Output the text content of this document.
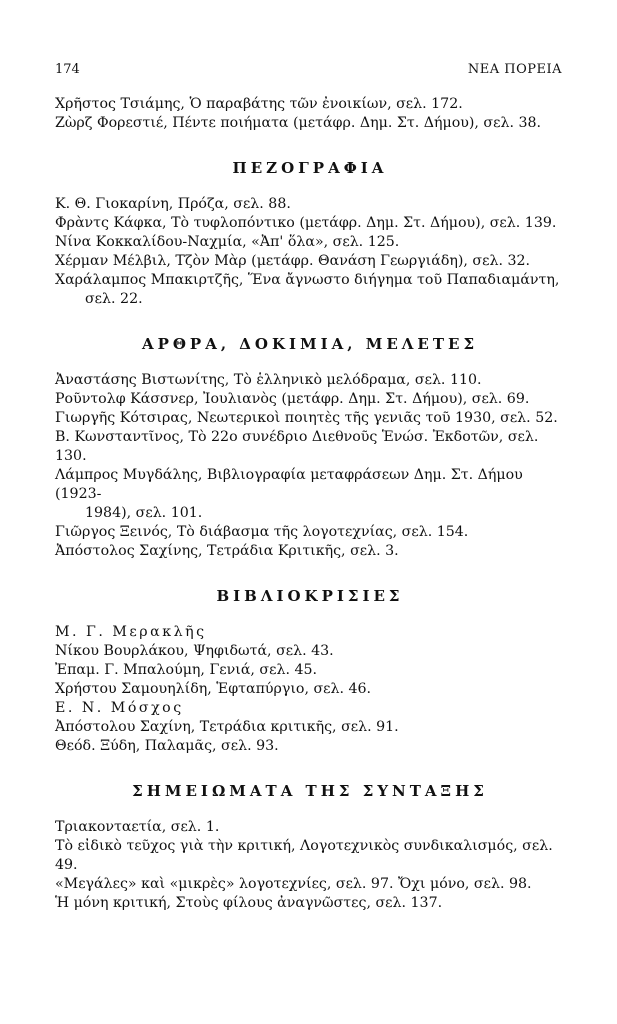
174	ΝΕΑ ΠΟΡΕΙΑ

Χρῆστος Τσιάμης, Ὁ παραβάτης τῶν ἐνοικίων, σελ. 172.

Ζὼρζ Φορεστιέ, Πέντε ποιήματα (μετάφρ. Δημ. Στ. Δήμου), σελ. 38.

ΠΕΖΟΓΡΑΦΙΑ

Κ. Θ. Γιοκαρίνη, Πρόζα, σελ. 88.

Φρὰντς Κάφκα, Τὸ τυφλοπόντικο (μετάφρ. Δημ. Στ. Δήμου), σελ. 139.

Νίνα Κοκκαλίδου-Ναχμία, «Ἀπ' ὅλα», σελ. 125.

Χέρμαν Μέλβιλ, Τζὸν Μὰρ (μετάφρ. Θανάση Γεωργιάδη), σελ. 32.

Χαράλαμπος Μπακιρτζῆς, Ἕνα ἄγνωστο διήγημα τοῦ Παπαδιαμάντη,
σελ. 22.

ΑΡΘΡΑ, ΔΟΚΙΜΙΑ, ΜΕΛΕΤΕΣ

Ἀναστάσης Βιστωνίτης, Τὸ ἑλληνικὸ μελόδραμα, σελ. 110.

Ροῦντολφ Κάσσνερ, Ἰουλιανὸς (μετάφρ. Δημ. Στ. Δήμου), σελ. 69.

Γιωργῆς Κότσιρας, Νεωτερικοὶ ποιητὲς τῆς γενιᾶς τοῦ 1930, σελ. 52.

Β. Κωνσταντῖνος, Τὸ 22ο συνέδριο Διεθνοῦς Ἑνώσ. Ἐκδοτῶν, σελ. 130.

Λάμπρος Μυγδάλης, Βιβλιογραφία μεταφράσεων Δημ. Στ. Δήμου (1923-
1984), σελ. 101.

Γιῶργος Ξεινός, Τὸ διάβασμα τῆς λογοτεχνίας, σελ. 154.

Ἀπόστολος Σαχίνης, Τετράδια Κριτικῆς, σελ. 3.

ΒΙΒΛΙΟΚΡΙΣΙΕΣ

Μ. Γ. Μερακλῆς

Νίκου Βουρλάκου, Ψηφιδωτά, σελ. 43.

Ἐπαμ. Γ. Μπαλούμη, Γενιά, σελ. 45.

Χρήστου Σαμουηλίδη, Ἑφταπύργιο, σελ. 46.

Ε. Ν. Μόσχος

Ἀπόστολου Σαχίνη, Τετράδια κριτικῆς, σελ. 91.

Θεόδ. Ξύδη, Παλαμᾶς, σελ. 93.

ΣΗΜΕΙΩΜΑΤΑ ΤΗΣ ΣΥΝΤΑΞΗΣ

Τριακονταετία, σελ. 1.

Τὸ εἰδικὸ τεῦχος γιὰ τὴν κριτική, Λογοτεχνικὸς συνδικαλισμός, σελ. 49.

«Μεγάλες» καὶ «μικρὲς» λογοτεχνίες, σελ. 97. Ὄχι μόνο, σελ. 98.

Ἡ μόνη κριτική, Στοὺς φίλους ἀναγνῶστες, σελ. 137.
